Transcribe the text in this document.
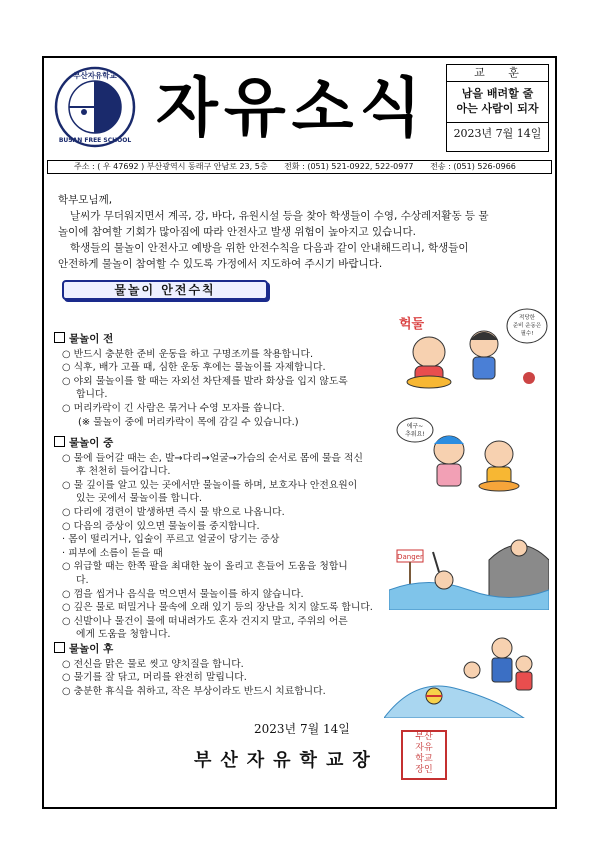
부산자유학교
BUSAN FREE SCHOOL 자유소식	교 훈
남을 배려할 줄
아는 사람이 되자
2023년 7월 14일
주소 : ( 우 47692 ) 부산광역시 동래구 안남로 23, 5층 전화 : (051) 521-0922, 522-0977 전송 : (051) 526-0966

학부모님께,

날씨가 무더워지면서 계곡, 강, 바다, 유원시설 등을 찾아 학생들이 수영, 수상레저활동 등 물

놀이에 참여할 기회가 많아짐에 따라 안전사고 발생 위험이 높아지고 있습니다.

학생들의 물놀이 안전사고 예방을 위한 안전수칙을 다음과 같이 안내해드리니, 학생들이

안전하게 물놀이 참여할 수 있도록 가정에서 지도하여 주시기 바랍니다.

물놀이 안전수칙
물놀이 전
○ 반드시 충분한 준비 운동을 하고 구명조끼를 착용합니다.
○ 식후, 배가 고플 때, 심한 운동 후에는 물놀이를 자제합니다.
○ 야외 물놀이를 할 때는 자외선 차단제를 발라 화상을 입지 않도록
합니다.
○ 머리카락이 긴 사람은 묶거나 수영 모자를 씁니다.
(※ 물놀이 중에 머리카락이 목에 감길 수 있습니다.)
물놀이 중
○ 물에 들어갈 때는 손, 발→다리→얼굴→가슴의 순서로 몸에 물을 적신
후 천천히 들어갑니다.
○ 물 깊이를 알고 있는 곳에서만 물놀이를 하며, 보호자나 안전요원이
있는 곳에서 물놀이를 합니다.
○ 다리에 경련이 발생하면 즉시 물 밖으로 나옵니다.
○ 다음의 증상이 있으면 물놀이를 중지합니다.
· 몸이 떨리거나, 입술이 푸르고 얼굴이 당기는 증상
· 피부에 소름이 돋을 때
○ 위급할 때는 한쪽 팔을 최대한 높이 올리고 흔들어 도움을 청합니
다.
○ 껌을 씹거나 음식을 먹으면서 물놀이를 하지 않습니다.
○ 깊은 물로 떠밀거나 물속에 오래 있기 등의 장난을 치지 않도록 합니다.
○ 신발이나 물건이 물에 떠내려가도 혼자 건지지 말고, 주위의 어른
에게 도움을 청합니다.
물놀이 후
○ 전신을 맑은 물로 씻고 양치질을 합니다.
○ 물기를 잘 닦고, 머리를 완전히 말립니다.
○ 충분한 휴식을 취하고, 작은 부상이라도 반드시 치료합니다.
헉둘	적당한
준비 운동은
필수!
에구~
추워요!
Danger
2023년 7월 14일
부산자유학교장
부산
자유
학교
장인
